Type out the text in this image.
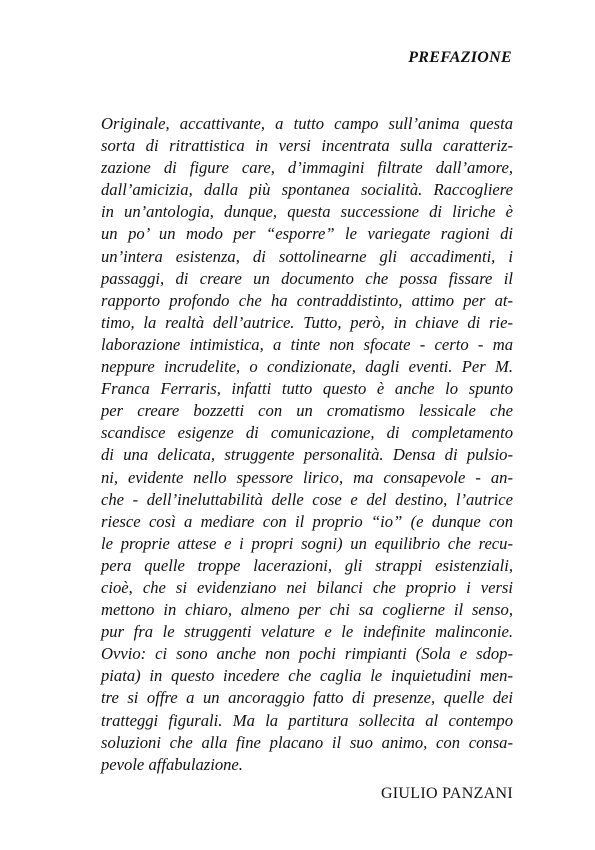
PREFAZIONE
Originale, accattivante, a tutto campo sull’anima questa
sorta di ritrattistica in versi incentrata sulla caratteriz-
zazione di figure care, d’immagini filtrate dall’amore,
dall’amicizia, dalla più spontanea socialità. Raccogliere
in un’antologia, dunque, questa successione di liriche è
un po’ un modo per “esporre” le variegate ragioni di
un’intera esistenza, di sottolinearne gli accadimenti, i
passaggi, di creare un documento che possa fissare il
rapporto profondo che ha contraddistinto, attimo per at-
timo, la realtà dell’autrice. Tutto, però, in chiave di rie-
laborazione intimistica, a tinte non sfocate - certo - ma
neppure incrudelite, o condizionate, dagli eventi. Per M.
Franca Ferraris, infatti tutto questo è anche lo spunto
per creare bozzetti con un cromatismo lessicale che
scandisce esigenze di comunicazione, di completamento
di una delicata, struggente personalità. Densa di pulsio-
ni, evidente nello spessore lirico, ma consapevole - an-
che - dell’ineluttabilità delle cose e del destino, l’autrice
riesce così a mediare con il proprio “io” (e dunque con
le proprie attese e i propri sogni) un equilibrio che recu-
pera quelle troppe lacerazioni, gli strappi esistenziali,
cioè, che si evidenziano nei bilanci che proprio i versi
mettono in chiaro, almeno per chi sa coglierne il senso,
pur fra le struggenti velature e le indefinite malinconie.
Ovvio: ci sono anche non pochi rimpianti (Sola e sdop-
piata) in questo incedere che caglia le inquietudini men-
tre si offre a un ancoraggio fatto di presenze, quelle dei
tratteggi figurali. Ma la partitura sollecita al contempo
soluzioni che alla fine placano il suo animo, con consa-
pevole affabulazione.

GIULIO PANZANI
